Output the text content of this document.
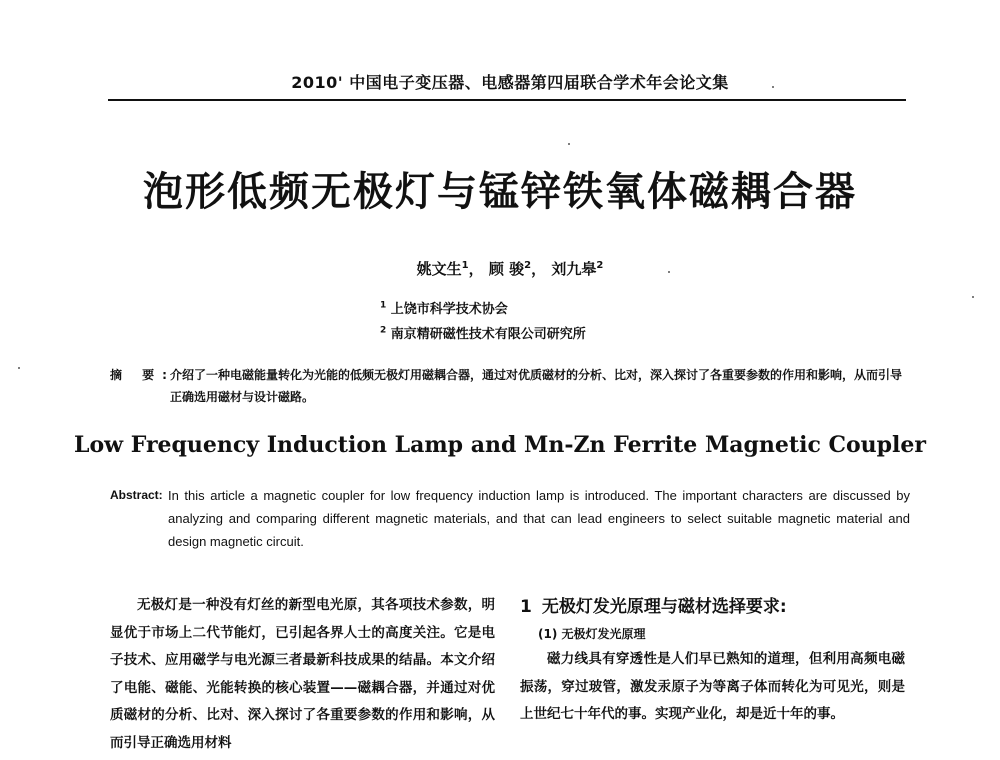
2010' 中国电子变压器、电感器第四届联合学术年会论文集
泡形低频无极灯与锰锌铁氧体磁耦合器
姚文生$^1$， 顾 骏$^2$， 刘九皋$^2$
$^1$ 上饶市科学技术协会
$^2$ 南京精研磁性技术有限公司研究所
摘 要:
介绍了一种电磁能量转化为光能的低频无极灯用磁耦合器，通过对优质磁材的分析、比对，深入探讨了各重要参数的作用和影响，从而引导正确选用磁材与设计磁路。
Low Frequency Induction Lamp and Mn-Zn Ferrite Magnetic Coupler
Abstract: In this article a magnetic coupler for low frequency induction lamp is introduced. The important characters are discussed by analyzing and comparing different magnetic materials, and that can lead engineers to select suitable magnetic material and design magnetic circuit.
无极灯是一种没有灯丝的新型电光原，其各项技术参数，明显优于市场上二代节能灯，已引起各界人士的高度关注。它是电子技术、应用磁学与电光源三者最新科技成果的结晶。本文介绍了电能、磁能、光能转换的核心装置——磁耦合器，并通过对优质磁材的分析、比对、深入探讨了各重要参数的作用和影响，从而引导正确选用材料
1 无极灯发光原理与磁材选择要求:
(1) 无极灯发光原理
磁力线具有穿透性是人们早已熟知的道理，但利用高频电磁振荡，穿过玻管，激发汞原子为等离子体而转化为可见光，则是上世纪七十年代的事。实现产业化，却是近十年的事。
